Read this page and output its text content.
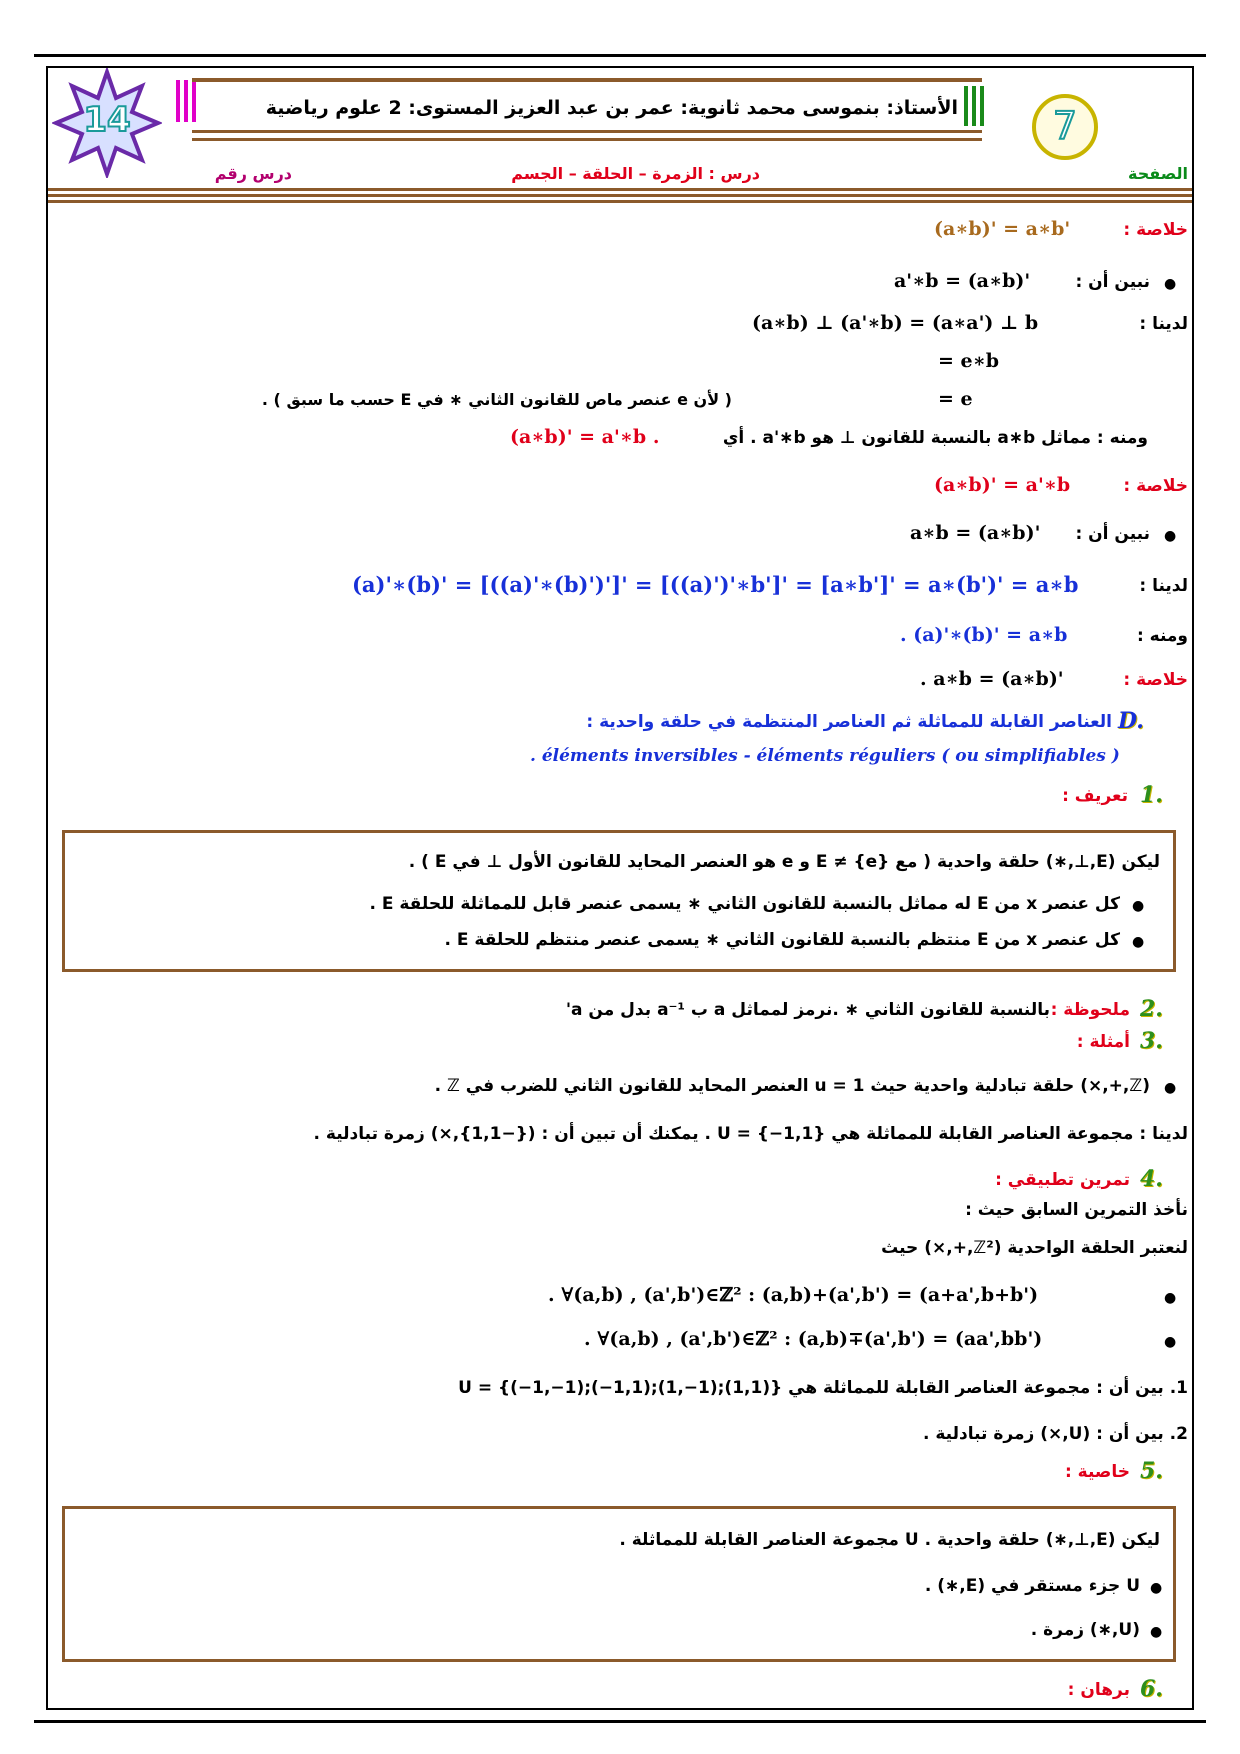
14	الأستاذ: بنموسى محمد ثانوية: عمر بن عبد العزيز المستوى: 2 علوم رياضية	7
الصفحة
درس : الزمرة – الحلقة – الجسم
درس رقم
خلاصة :
(a∗b)' = a∗b'
●
نبين أن :
a'∗b = (a∗b)'
لدينا :
(a∗b) ⊥ (a'∗b) = (a∗a') ⊥ b
= e∗b
= e
( لأن e عنصر ماص للقانون الثاني ∗ في E حسب ما سبق ) .
ومنه : مماثل a∗b بالنسبة للقانون ⊥ هو a'∗b . أي
(a∗b)' = a'∗b .
خلاصة :
(a∗b)' = a'∗b
●
نبين أن :
a∗b = (a∗b)'
لدينا :
(a)'∗(b)' = [((a)'∗(b)')']' = [((a)')'∗b']' = [a∗b']' = a∗(b')' = a∗b
ومنه :
. (a)'∗(b)' = a∗b
خلاصة :
. a∗b = (a∗b)'
D.
العناصر القابلة للمماثلة ثم العناصر المنتظمة في حلقة واحدية :
. éléments inversibles - éléments réguliers ( ou simplifiables )
1.
تعريف :
ليكن (E,⊥,∗) حلقة واحدية ( مع E ≠ {e} و e هو العنصر المحايد للقانون الأول ⊥ في E ) .
●
كل عنصر x من E له مماثل بالنسبة للقانون الثاني ∗ يسمى عنصر قابل للمماثلة للحلقة E .
●
كل عنصر x من E منتظم بالنسبة للقانون الثاني ∗ يسمى عنصر منتظم للحلقة E .
2.
ملحوظة :
بالنسبة للقانون الثاني ∗ .نرمز لمماثل a ب a⁻¹ بدل من a'
3.
أمثلة :
●
(ℤ,+,×) حلقة تبادلية واحدية حيث u = 1 العنصر المحايد للقانون الثاني للضرب في ℤ .
لدينا : مجموعة العناصر القابلة للمماثلة هي U = {−1,1} . يمكنك أن تبين أن : ({−1,1},×) زمرة تبادلية .
4.
تمرين تطبيقي :
نأخذ التمرين السابق حيث :
لنعتبر الحلقة الواحدية (ℤ²,+,×) حيث
●
. ∀(a,b) , (a',b')∈ℤ² : (a,b)+(a',b') = (a+a',b+b')
●
. ∀(a,b) , (a',b')∈ℤ² : (a,b)∓(a',b') = (aa',bb')
1. بين أن : مجموعة العناصر القابلة للمماثلة هي U = {(−1,−1);(−1,1);(1,−1);(1,1)}
2. بين أن : (U,×) زمرة تبادلية .
5.
خاصية :
ليكن (E,⊥,∗) حلقة واحدية . U مجموعة العناصر القابلة للمماثلة .
●
U جزء مستقر في (E,∗) .
●
(U,∗) زمرة .
6.
برهان :
